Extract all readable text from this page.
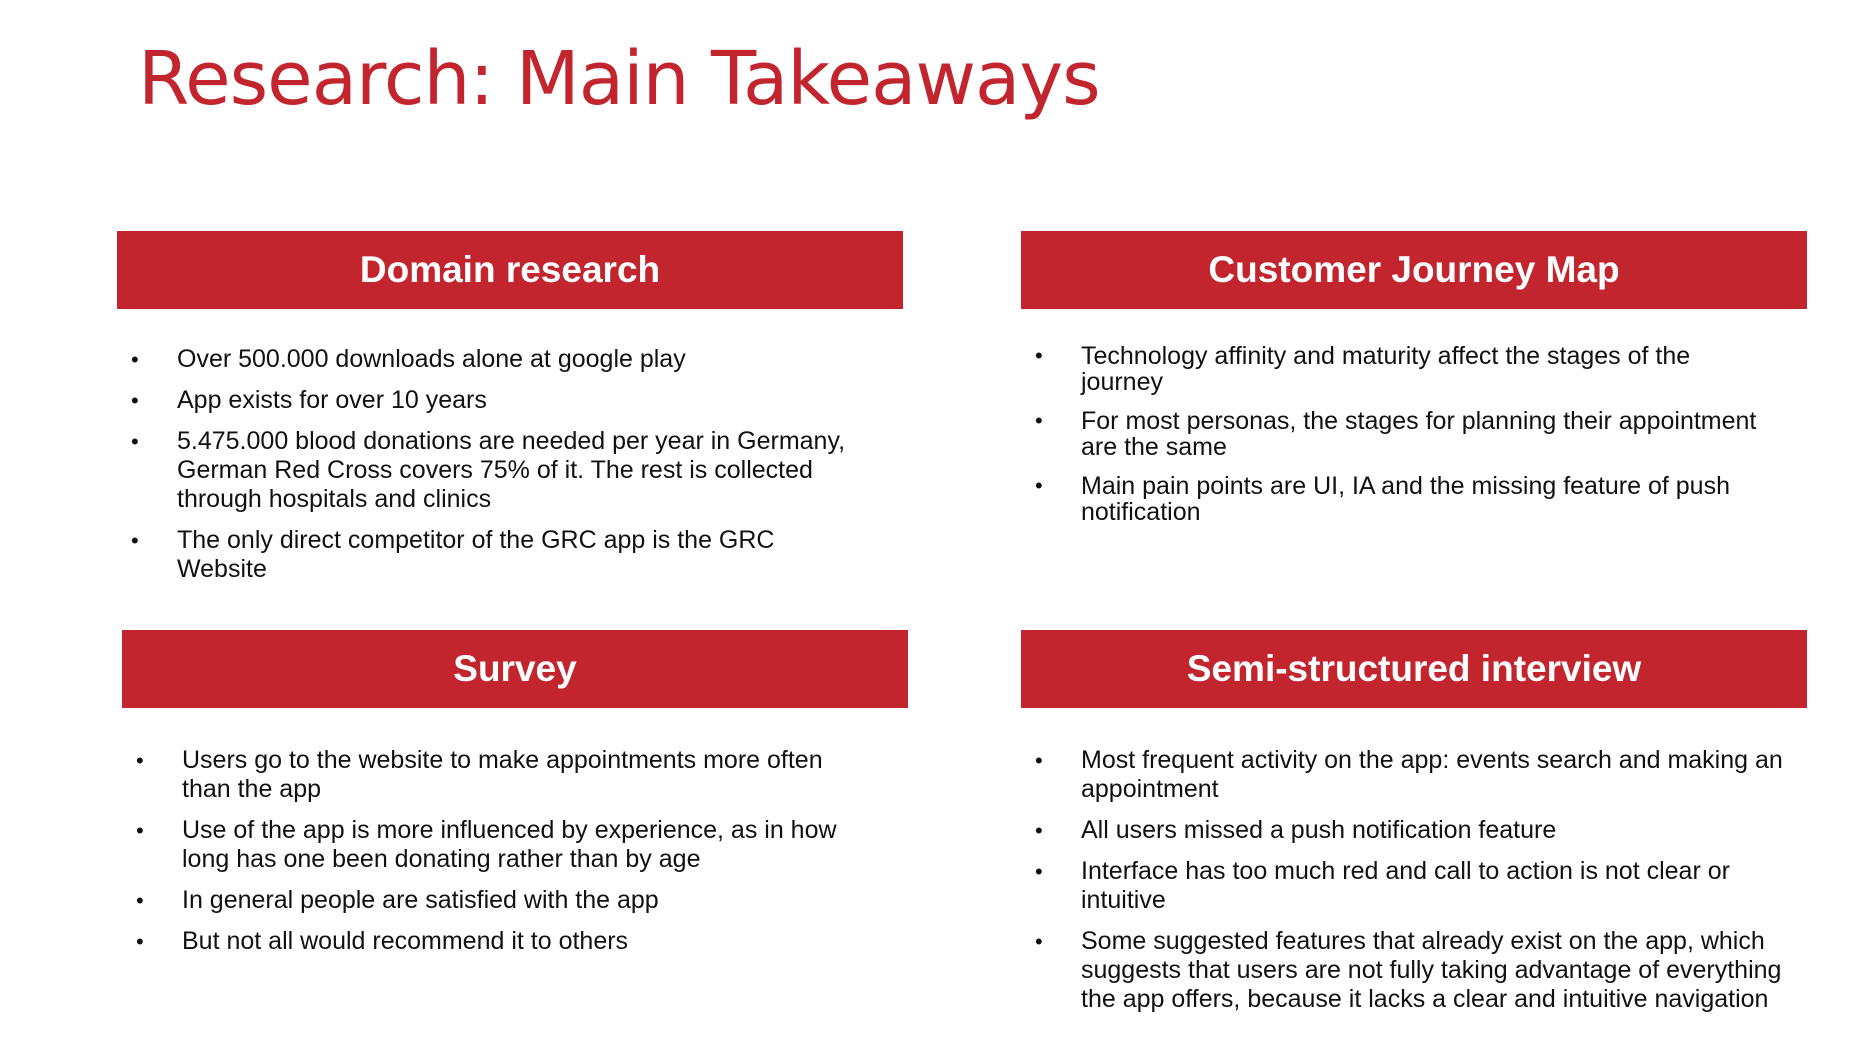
Research: Main Takeaways
Domain research
• Over 500.000 downloads alone at google play
• App exists for over 10 years
• 5.475.000 blood donations are needed per year in Germany, German Red Cross covers 75% of it. The rest is collected through hospitals and clinics
• The only direct competitor of the GRC app is the GRC Website
Customer Journey Map
• Technology affinity and maturity affect the stages of the journey
• For most personas, the stages for planning their appointment are the same
• Main pain points are UI, IA and the missing feature of push notification
Survey
• Users go to the website to make appointments more often than the app
• Use of the app is more influenced by experience, as in how long has one been donating rather than by age
• In general people are satisfied with the app
• But not all would recommend it to others
Semi-structured interview
• Most frequent activity on the app: events search and making an appointment
• All users missed a push notification feature
• Interface has too much red and call to action is not clear or intuitive
• Some suggested features that already exist on the app, which suggests that users are not fully taking advantage of everything the app offers, because it lacks a clear and intuitive navigation
